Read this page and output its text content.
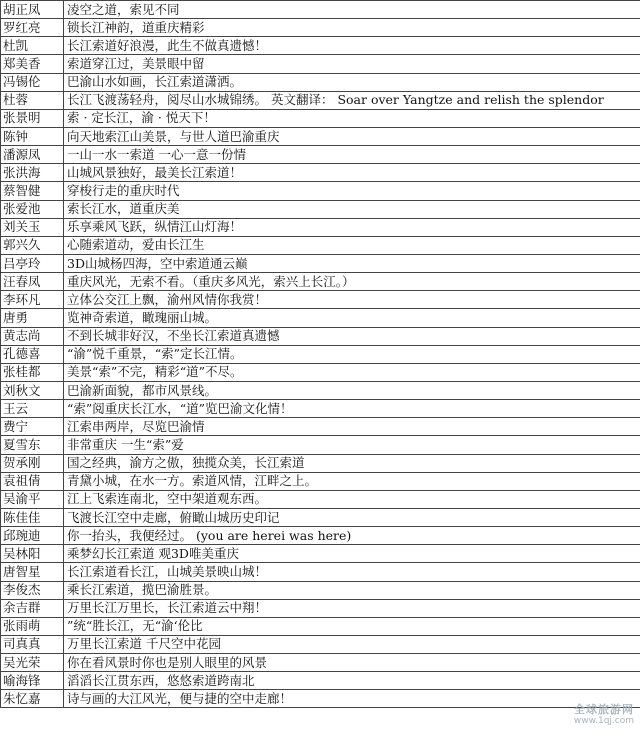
胡正凤	凌空之道，索见不同
罗红亮	锁长江神韵，道重庆精彩
杜凯	长江索道好浪漫，此生不做真遗憾！
郑美香	索道穿江过，美景眼中留
冯锡伦	巴渝山水如画，长江索道潇洒。
杜蓉	长江飞渡荡轻舟，阅尽山水城锦绣。 英文翻译： Soar over Yangtze and relish the splendor
张景明	索 · 定长江，渝 · 悦天下！
陈钟	向天地索江山美景，与世人道巴渝重庆
潘源凤	一山一水一索道 一心一意一份情
张洪海	山城风景独好，最美长江索道！
蔡智健	穿梭行走的重庆时代
张爱池	索长江水，道重庆美
刘关玉	乐享乘风飞跃，纵情江山灯海！
郭兴久	心随索道动，爱由长江生
吕亭玲	3D山城杨四海，空中索道通云巅
汪春凤	重庆风光，无索不看。（重庆多风光，索兴上长江。）
李环凡	立体公交江上飘，渝州风情你我赏！
唐勇	览神奇索道，瞰瑰丽山城。
黄志尚	不到长城非好汉，不坐长江索道真遗憾
孔德喜	“渝”悦千重景，“索”定长江情。
张桂都	美景“索”不完，精彩“道”不尽。
刘秋文	巴渝新面貌，都市风景线。
王云	“索”阅重庆长江水，“道”览巴渝文化情！
费宁	江索串两岸，尽览巴渝情
夏雪东	非常重庆 一生“索”爱
贺承刚	国之经典，渝方之傲，独揽众美，长江索道
袁祖倩	青黛小城，在水一方。索道风情，江畔之上。
吴渝平	江上飞索连南北，空中架道观东西。
陈佳佳	飞渡长江空中走廊，俯瞰山城历史印记
邱琬迪	你一抬头，我便经过。 (you are herei was here)
吴林阳	乘梦幻长江索道 观3D唯美重庆
唐智星	长江索道看长江，山城美景映山城！
李俊杰	乘长江索道，揽巴渝胜景。
余吉群	万里长江万里长，长江索道云中翔！
张雨萌	”统“胜长江，无“渝‘伦比
司真真	万里长江索道 千尺空中花园
吴光荣	你在看风景时你也是别人眼里的风景
喻海锋	滔滔长江贯东西，悠悠索道跨南北
朱忆嘉	诗与画的大江风光，便与捷的空中走廊！
全球旅游网
www.1qj.com
